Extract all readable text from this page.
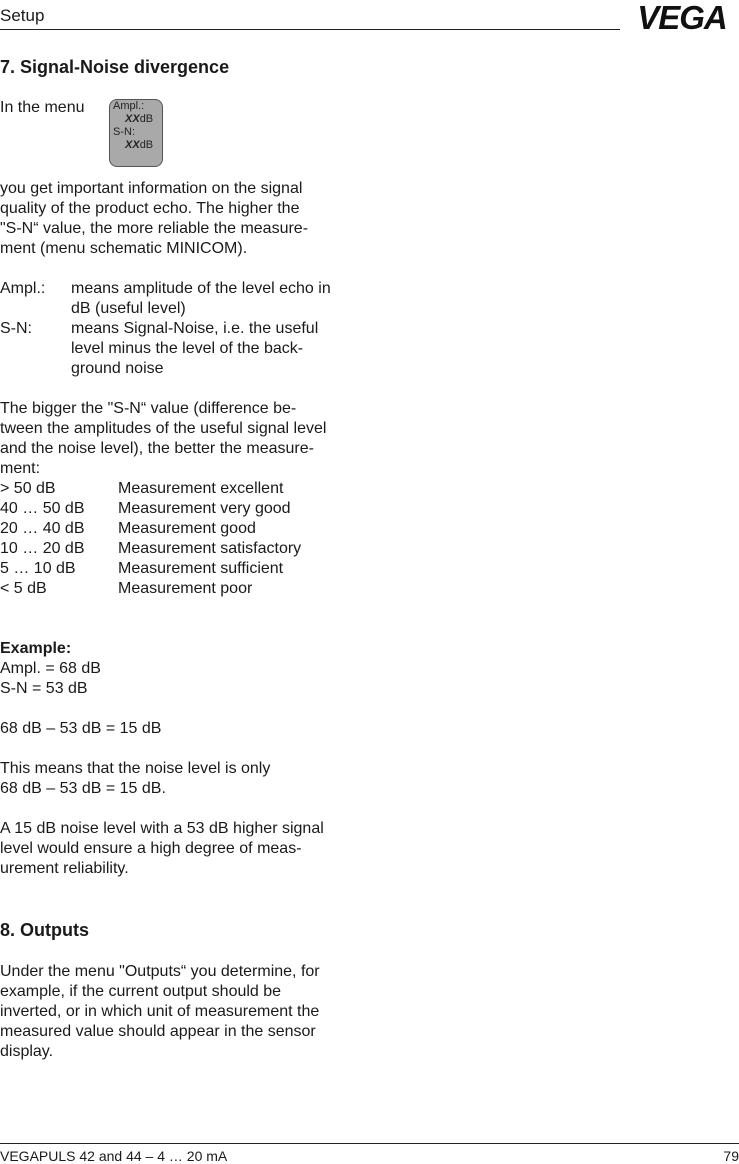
Setup	VEGA
7. Signal-Noise divergence
In the menu	Ampl.:
XXdB
S-N:
XXdB
you get important information on the signal
quality of the product echo. The higher the
"S-N“ value, the more reliable the measure-
ment (menu schematic MINICOM).
Ampl.: means amplitude of the level echo in
dB (useful level)
S-N: means Signal-Noise, i.e. the useful
level minus the level of the back-
ground noise
The bigger the "S-N“ value (difference be-
tween the amplitudes of the useful signal level
and the noise level), the better the measure-
ment:
> 50 dB	Measurement excellent
40 … 50 dB Measurement very good
20 … 40 dB Measurement good
10 … 20 dB Measurement satisfactory
5 … 10 dB	Measurement sufficient
< 5 dB	Measurement poor
Example:
Ampl. = 68 dB
S-N = 53 dB
68 dB – 53 dB = 15 dB
This means that the noise level is only
68 dB – 53 dB = 15 dB.
A 15 dB noise level with a 53 dB higher signal
level would ensure a high degree of meas-
urement reliability.
8. Outputs
Under the menu "Outputs“ you determine, for
example, if the current output should be
inverted, or in which unit of measurement the
measured value should appear in the sensor
display.
VEGAPULS 42 and 44 – 4 … 20 mA	79
